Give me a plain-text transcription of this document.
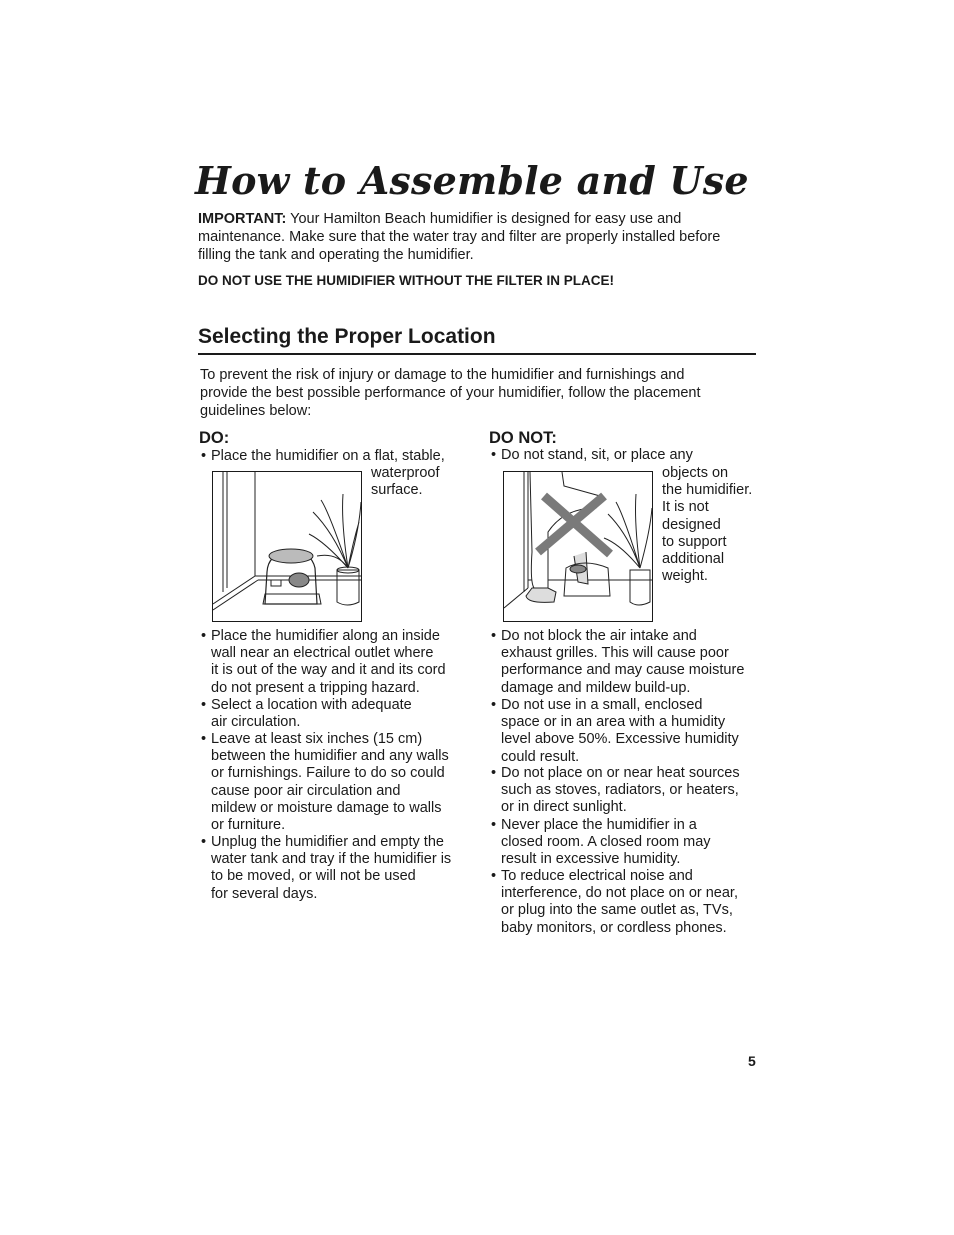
How to Assemble and Use

IMPORTANT: Your Hamilton Beach humidifier is designed for easy use and
maintenance. Make sure that the water tray and filter are properly installed before
filling the tank and operating the humidifier.

DO NOT USE THE HUMIDIFIER WITHOUT THE FILTER IN PLACE!

Selecting the Proper Location

To prevent the risk of injury or damage to the humidifier and furnishings and
provide the best possible performance of your humidifier, follow the placement
guidelines below:

DO:

• Place the humidifier on a flat, stable,

waterproof
surface.

• Place the humidifier along an inside
wall near an electrical outlet where
it is out of the way and it and its cord
do not present a tripping hazard.

• Select a location with adequate
air circulation.

• Leave at least six inches (15 cm)
between the humidifier and any walls
or furnishings. Failure to do so could
cause poor air circulation and
mildew or moisture damage to walls
or furniture.

• Unplug the humidifier and empty the
water tank and tray if the humidifier is
to be moved, or will not be used
for several days.

DO NOT:

• Do not stand, sit, or place any

objects on
the humidifier.
It is not
designed
to support
additional
weight.

• Do not block the air intake and
exhaust grilles. This will cause poor
performance and may cause moisture
damage and mildew build-up.

• Do not use in a small, enclosed
space or in an area with a humidity
level above 50%. Excessive humidity
could result.

• Do not place on or near heat sources
such as stoves, radiators, or heaters,
or in direct sunlight.

• Never place the humidifier in a
closed room. A closed room may
result in excessive humidity.

• To reduce electrical noise and
interference, do not place on or near,
or plug into the same outlet as, TVs,
baby monitors, or cordless phones.

5
